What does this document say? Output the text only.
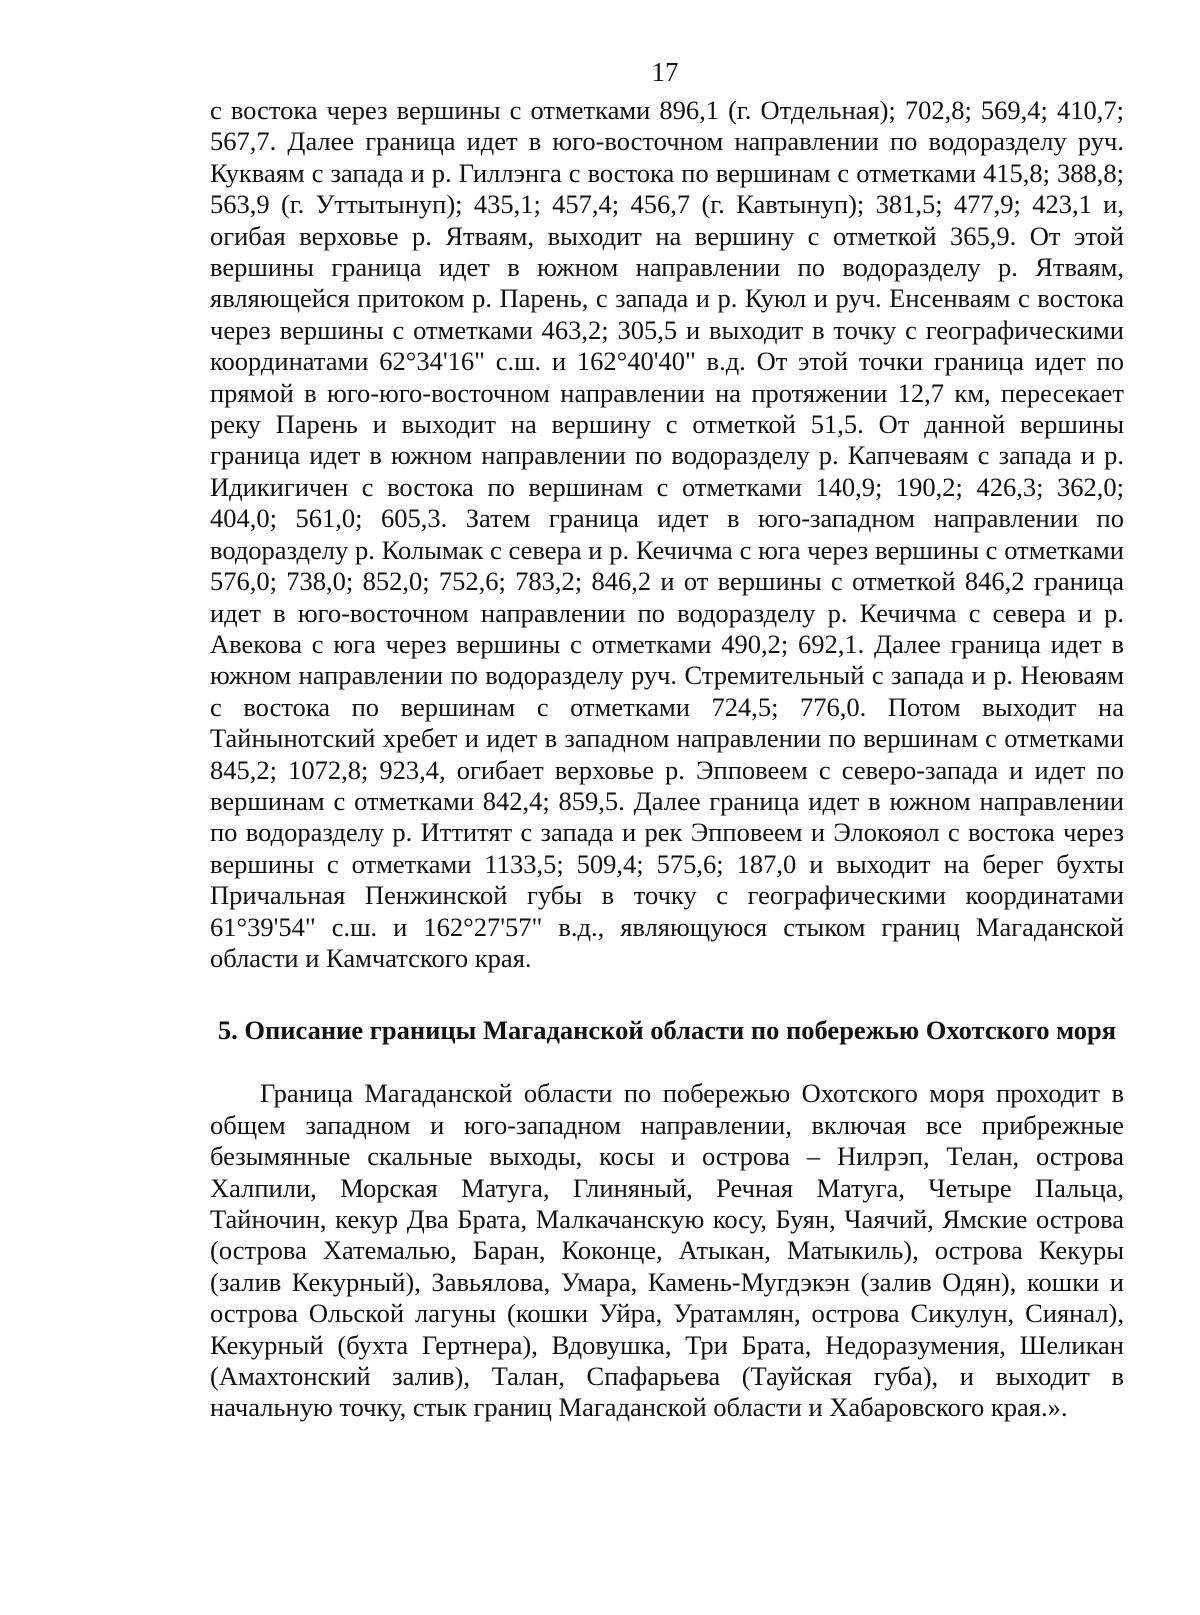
17

с востока через вершины с отметками 896,1 (г. Отдельная); 702,8; 569,4; 410,7; 567,7. Далее граница идет в юго-восточном направлении по водоразделу руч. Кукваям с запада и р. Гиллэнга с востока по вершинам с отметками 415,8; 388,8; 563,9 (г. Уттытынуп); 435,1; 457,4; 456,7 (г. Кавтынуп); 381,5; 477,9; 423,1 и, огибая верховье р. Ятваям, выходит на вершину с отметкой 365,9. От этой вершины граница идет в южном направлении по водоразделу р. Ятваям, являющейся притоком р. Парень, с запада и р. Куюл и руч. Енсенваям с востока через вершины с отметками 463,2; 305,5 и выходит в точку с географическими координатами 62°34'16" с.ш. и 162°40'40" в.д. От этой точки граница идет по прямой в юго-юго-восточном направлении на протяжении 12,7 км, пересекает реку Парень и выходит на вершину с отметкой 51,5. От данной вершины граница идет в южном направлении по водоразделу р. Капчеваям с запада и р. Идикигичен с востока по вершинам с отметками 140,9; 190,2; 426,3; 362,0; 404,0; 561,0; 605,3. Затем граница идет в юго-западном направлении по водоразделу р. Колымак с севера и р. Кечичма с юга через вершины с отметками 576,0; 738,0; 852,0; 752,6; 783,2; 846,2 и от вершины с отметкой 846,2 граница идет в юго-восточном направлении по водоразделу р. Кечичма с севера и р. Авекова с юга через вершины с отметками 490,2; 692,1. Далее граница идет в южном направлении по водоразделу руч. Стремительный с запада и р. Неюваям с востока по вершинам с отметками 724,5; 776,0. Потом выходит на Тайнынотский хребет и идет в западном направлении по вершинам с отметками 845,2; 1072,8; 923,4, огибает верховье р. Эпповеем с северо-запада и идет по вершинам с отметками 842,4; 859,5. Далее граница идет в южном направлении по водоразделу р. Иттитят с запада и рек Эпповеем и Элокояол с востока через вершины с отметками 1133,5; 509,4; 575,6; 187,0 и выходит на берег бухты Причальная Пенжинской губы в точку с географическими координатами 61°39'54" с.ш. и 162°27'57" в.д., являющуюся стыком границ Магаданской области и Камчатского края.

5. Описание границы Магаданской области по побережью Охотского моря

Граница Магаданской области по побережью Охотского моря проходит в общем западном и юго-западном направлении, включая все прибрежные безымянные скальные выходы, косы и острова – Нилрэп, Телан, острова Халпили, Морская Матуга, Глиняный, Речная Матуга, Четыре Пальца, Тайночин, кекур Два Брата, Малкачанскую косу, Буян, Чаячий, Ямские острова (острова Хатемалью, Баран, Коконце, Атыкан, Матыкиль), острова Кекуры (залив Кекурный), Завьялова, Умара, Камень-Мугдэкэн (залив Одян), кошки и острова Ольской лагуны (кошки Уйра, Уратамлян, острова Сикулун, Сиянал), Кекурный (бухта Гертнера), Вдовушка, Три Брата, Недоразумения, Шеликан (Амахтонский залив), Талан, Спафарьева (Тауйская губа), и выходит в начальную точку, стык границ Магаданской области и Хабаровского края.».
